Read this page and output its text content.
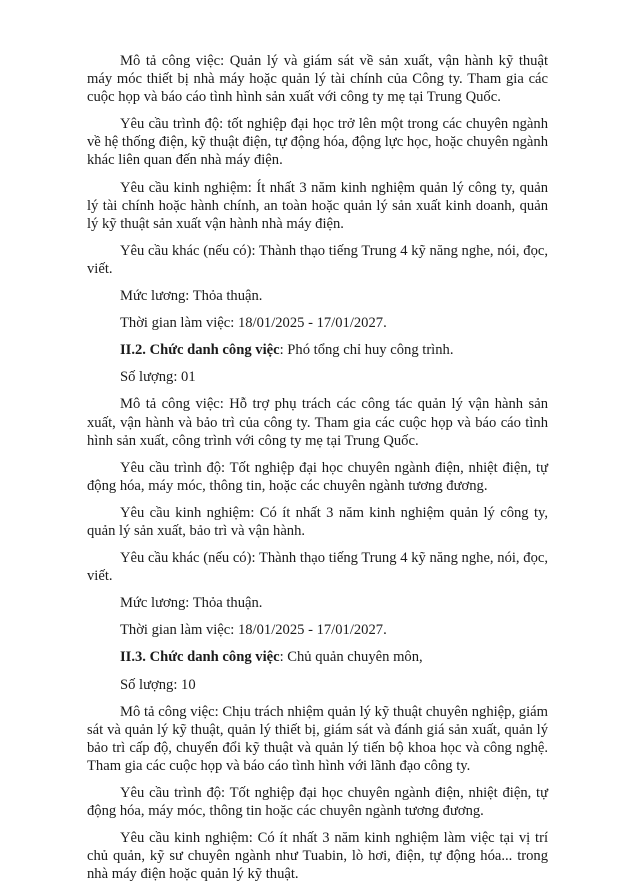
Mô tả công việc: Quản lý và giám sát về sản xuất, vận hành kỹ thuật máy móc thiết bị nhà máy hoặc quản lý tài chính của Công ty. Tham gia các cuộc họp và báo cáo tình hình sản xuất với công ty mẹ tại Trung Quốc.

Yêu cầu trình độ: tốt nghiệp đại học trở lên một trong các chuyên ngành về hệ thống điện, kỹ thuật điện, tự động hóa, động lực học, hoặc chuyên ngành khác liên quan đến nhà máy điện.

Yêu cầu kinh nghiệm: Ít nhất 3 năm kinh nghiệm quản lý công ty, quản lý tài chính hoặc hành chính, an toàn hoặc quản lý sản xuất kinh doanh, quản lý kỹ thuật sản xuất vận hành nhà máy điện.

Yêu cầu khác (nếu có): Thành thạo tiếng Trung 4 kỹ năng nghe, nói, đọc, viết.

Mức lương: Thỏa thuận.

Thời gian làm việc: 18/01/2025 - 17/01/2027.

II.2. Chức danh công việc: Phó tổng chỉ huy công trình.

Số lượng: 01

Mô tả công việc: Hỗ trợ phụ trách các công tác quản lý vận hành sản xuất, vận hành và bảo trì của công ty. Tham gia các cuộc họp và báo cáo tình hình sản xuất, công trình với công ty mẹ tại Trung Quốc.

Yêu cầu trình độ: Tốt nghiệp đại học chuyên ngành điện, nhiệt điện, tự động hóa, máy móc, thông tin, hoặc các chuyên ngành tương đương.

Yêu cầu kinh nghiệm: Có ít nhất 3 năm kinh nghiệm quản lý công ty, quản lý sản xuất, bảo trì và vận hành.

Yêu cầu khác (nếu có): Thành thạo tiếng Trung 4 kỹ năng nghe, nói, đọc, viết.

Mức lương: Thỏa thuận.

Thời gian làm việc: 18/01/2025 - 17/01/2027.

II.3. Chức danh công việc: Chủ quản chuyên môn,

Số lượng: 10

Mô tả công việc: Chịu trách nhiệm quản lý kỹ thuật chuyên nghiệp, giám sát và quản lý kỹ thuật, quản lý thiết bị, giám sát và đánh giá sản xuất, quản lý bảo trì cấp độ, chuyển đổi kỹ thuật và quản lý tiến bộ khoa học và công nghệ. Tham gia các cuộc họp và báo cáo tình hình với lãnh đạo công ty.

Yêu cầu trình độ: Tốt nghiệp đại học chuyên ngành điện, nhiệt điện, tự động hóa, máy móc, thông tin hoặc các chuyên ngành tương đương.

Yêu cầu kinh nghiệm: Có ít nhất 3 năm kinh nghiệm làm việc tại vị trí chủ quản, kỹ sư chuyên ngành như Tuabin, lò hơi, điện, tự động hóa... trong nhà máy điện hoặc quản lý kỹ thuật.
